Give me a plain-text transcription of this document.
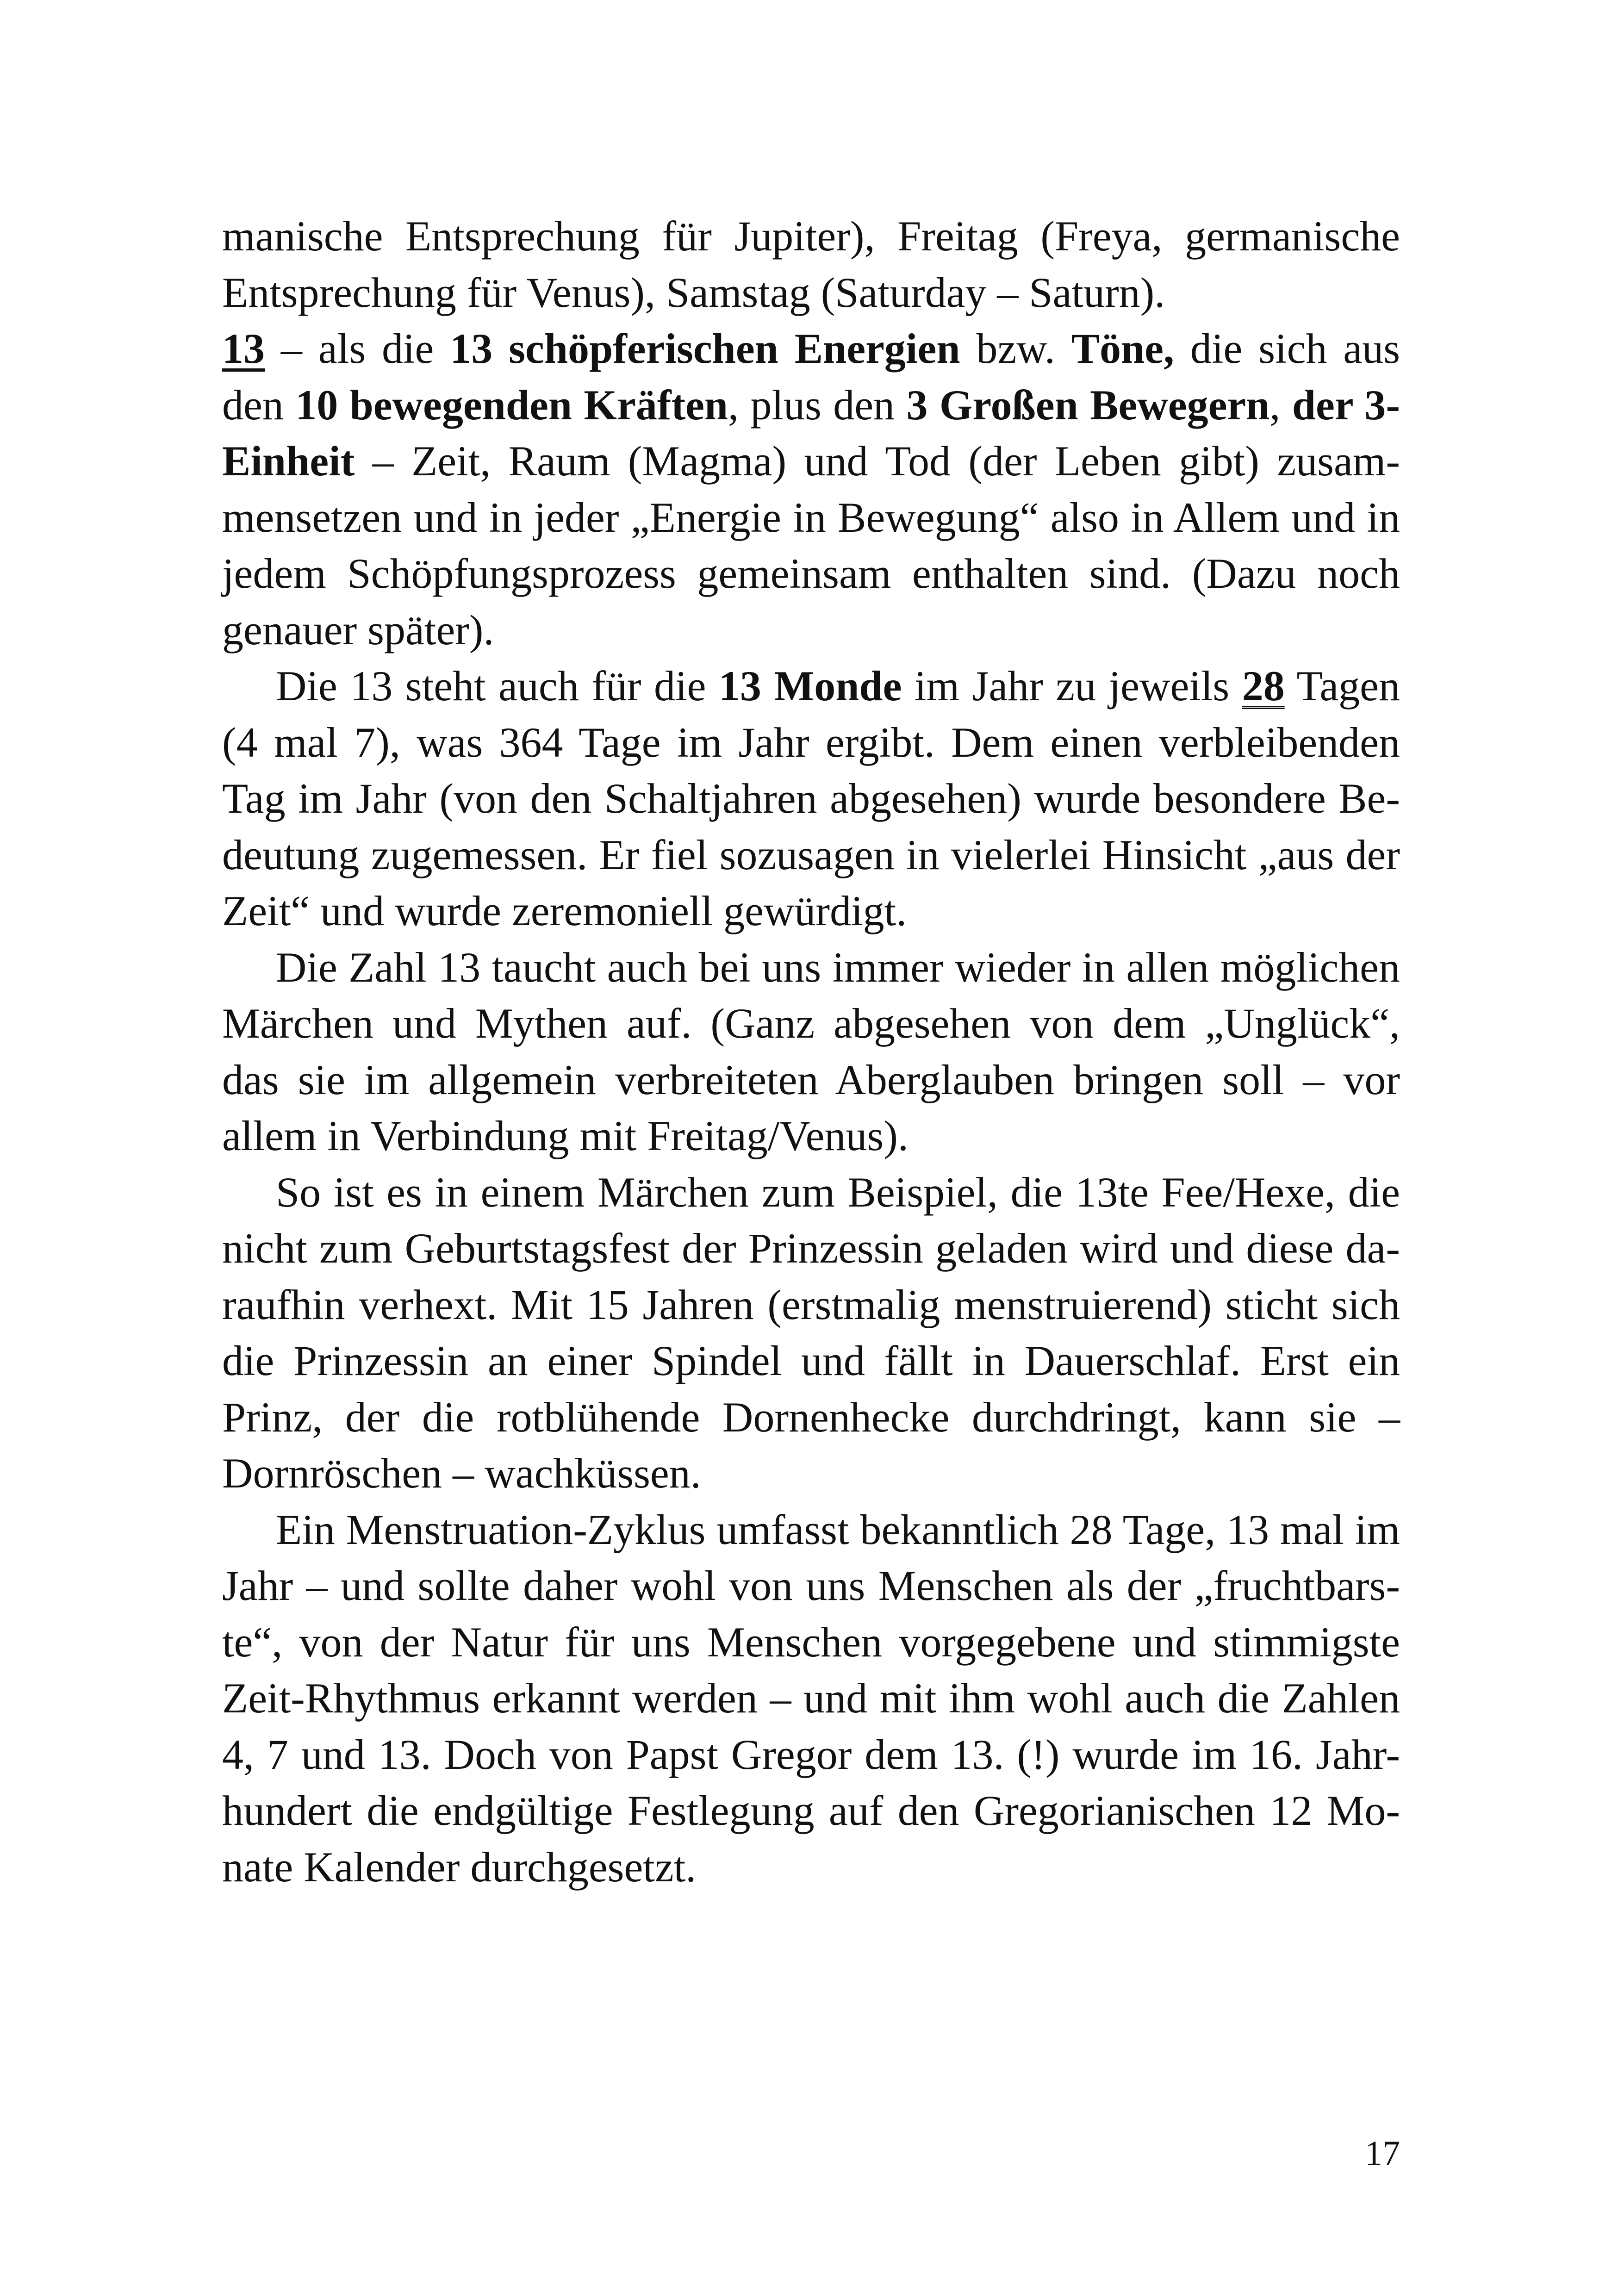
manische Entsprechung für Jupiter), Freitag (Freya, germanische Entsprechung für Venus), Samstag (Saturday – Saturn).

13 – als die 13 schöpferischen Energien bzw. Töne, die sich aus den 10 bewegenden Kräften, plus den 3 Großen Bewegern, der 3-Einheit – Zeit, Raum (Magma) und Tod (der Leben gibt) zusam-mensetzen und in jeder „Energie in Bewegung“ also in Allem und in jedem Schöpfungsprozess gemeinsam enthalten sind. (Dazu noch genauer später).

Die 13 steht auch für die 13 Monde im Jahr zu jeweils 28 Tagen (4 mal 7), was 364 Tage im Jahr ergibt. Dem einen verbleibenden Tag im Jahr (von den Schaltjahren abgesehen) wurde besondere Be-deutung zugemessen. Er fiel sozusagen in vielerlei Hinsicht „aus der Zeit“ und wurde zeremoniell gewürdigt.

Die Zahl 13 taucht auch bei uns immer wieder in allen möglichen Märchen und Mythen auf. (Ganz abgesehen von dem „Unglück“, das sie im allgemein verbreiteten Aberglauben bringen soll – vor allem in Verbindung mit Freitag/Venus).

So ist es in einem Märchen zum Beispiel, die 13te Fee/Hexe, die nicht zum Geburtstagsfest der Prinzessin geladen wird und diese da-raufhin verhext. Mit 15 Jahren (erstmalig menstruierend) sticht sich die Prinzessin an einer Spindel und fällt in Dauerschlaf. Erst ein Prinz, der die rotblühende Dornenhecke durchdringt, kann sie – Dornröschen – wachküssen.

Ein Menstruation-Zyklus umfasst bekanntlich 28 Tage, 13 mal im Jahr – und sollte daher wohl von uns Menschen als der „fruchtbars-te“, von der Natur für uns Menschen vorgegebene und stimmigste Zeit-Rhythmus erkannt werden – und mit ihm wohl auch die Zahlen 4, 7 und 13. Doch von Papst Gregor dem 13. (!) wurde im 16. Jahr-hundert die endgültige Festlegung auf den Gregorianischen 12 Mo-nate Kalender durchgesetzt.

17
